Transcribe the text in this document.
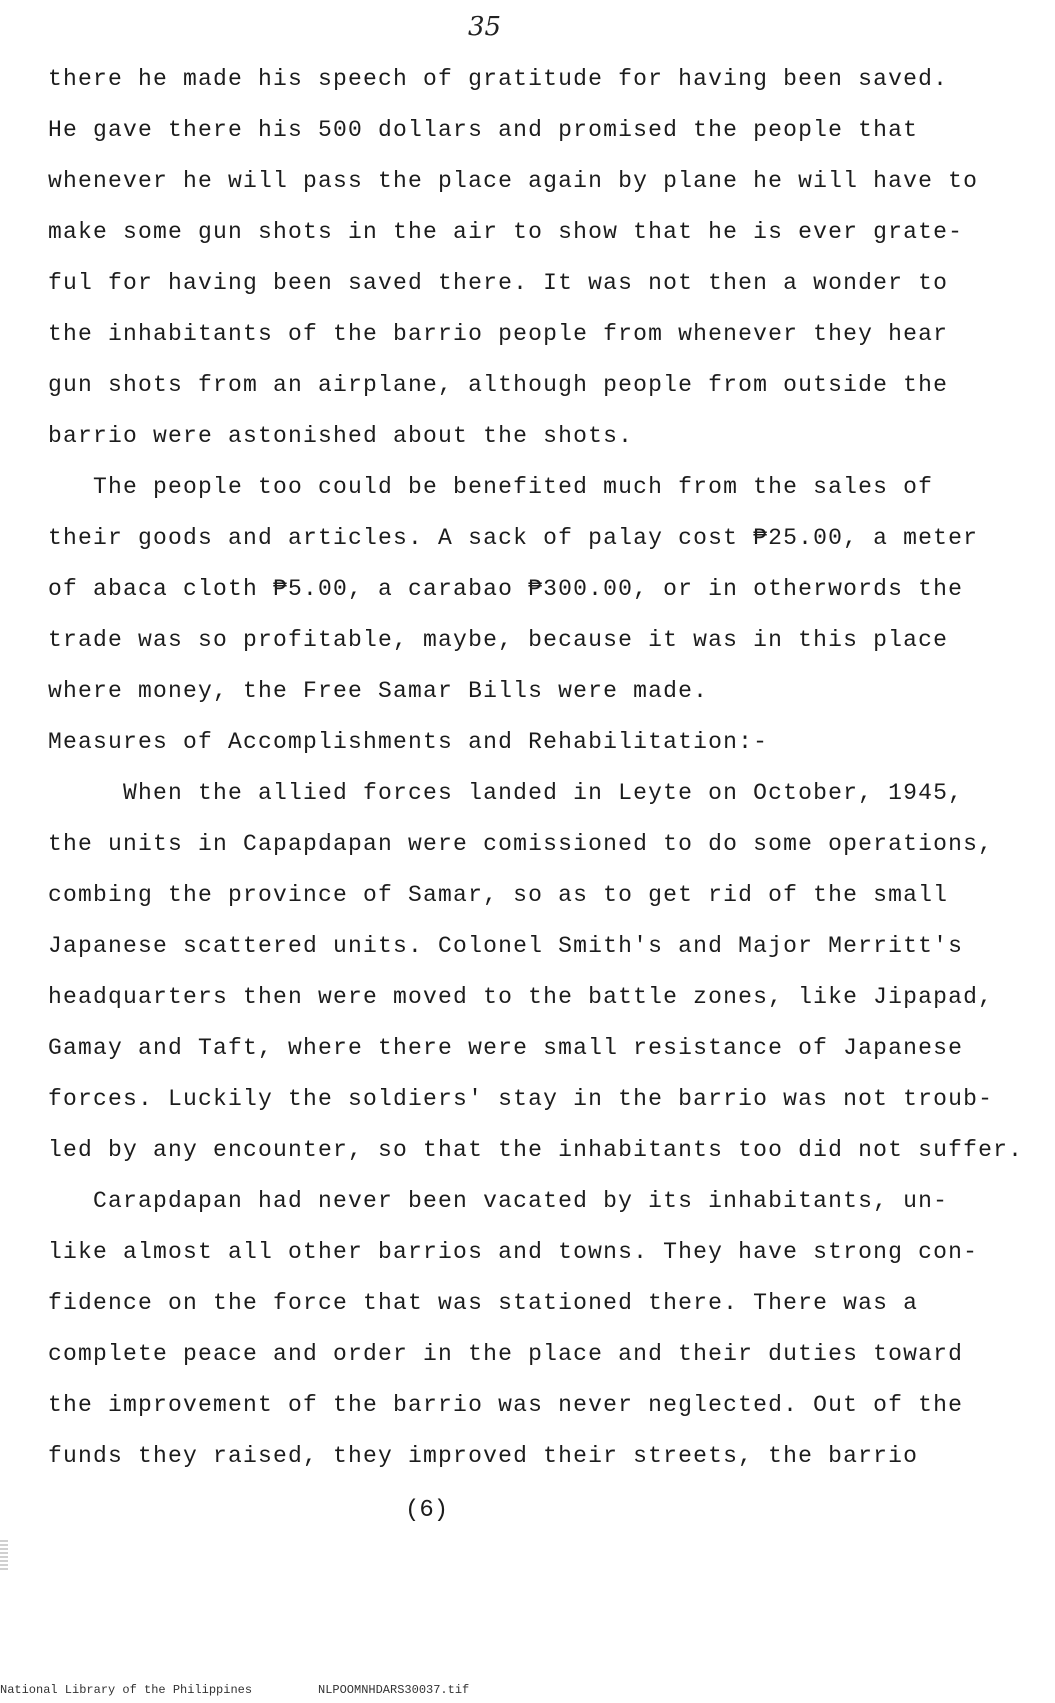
35
there he made his speech of gratitude for having been saved.
He gave there his 500 dollars and promised the people that
whenever he will pass the place again by plane he will have to
make some gun shots in the air to show that he is ever grate-
ful for having been saved there. It was not then a wonder to
the inhabitants of the barrio people from whenever they hear
gun shots from an airplane, although people from outside the
barrio were astonished about the shots.
The people too could be benefited much from the sales of
their goods and articles. A sack of palay cost ₱25.00, a meter
of abaca cloth ₱5.00, a carabao ₱300.00, or in otherwords the
trade was so profitable, maybe, because it was in this place
where money, the Free Samar Bills were made.
Measures of Accomplishments and Rehabilitation:-
When the allied forces landed in Leyte on October, 1945,
the units in Capapdapan were comissioned to do some operations,
combing the province of Samar, so as to get rid of the small
Japanese scattered units. Colonel Smith's and Major Merritt's
headquarters then were moved to the battle zones, like Jipapad,
Gamay and Taft, where there were small resistance of Japanese
forces. Luckily the soldiers' stay in the barrio was not troub-
led by any encounter, so that the inhabitants too did not suffer.
Carapdapan had never been vacated by its inhabitants, un-
like almost all other barrios and towns. They have strong con-
fidence on the force that was stationed there. There was a
complete peace and order in the place and their duties toward
the improvement of the barrio was never neglected. Out of the
funds they raised, they improved their streets, the barrio
(6)
National Library of the Philippines	NLPOOMNHDARS30037.tif
